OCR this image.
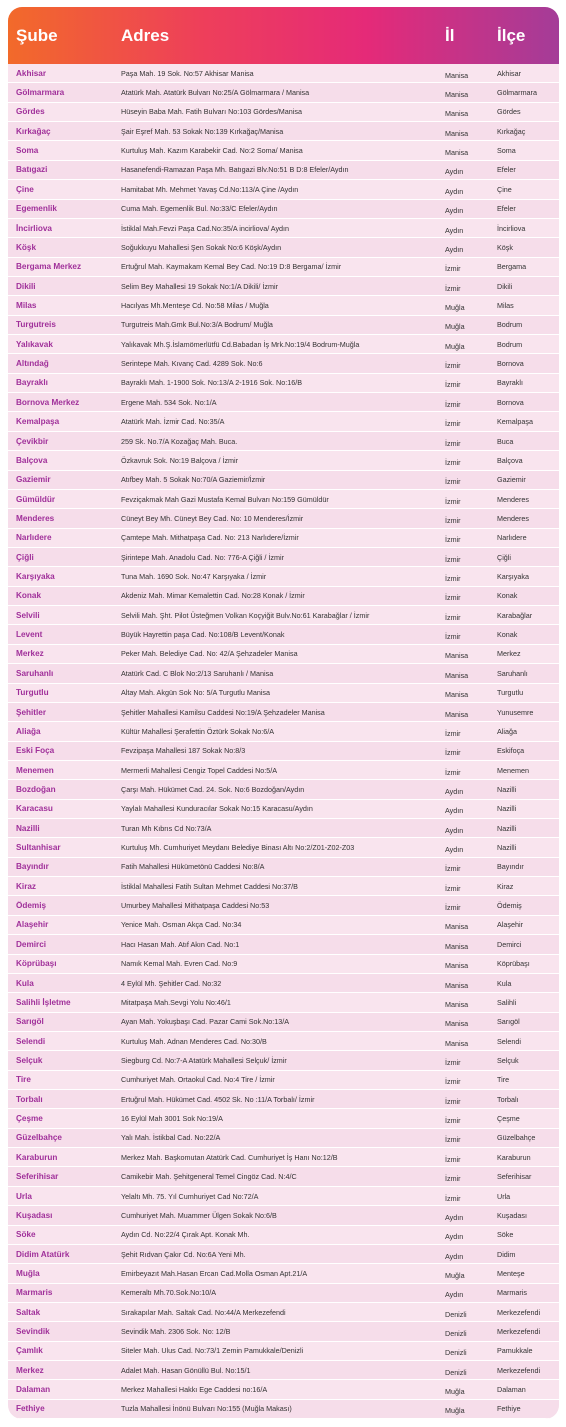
Şube	Adres	İl	İlçe
Akhisar	Paşa Mah. 19 Sok. No:57 Akhisar Manisa	Manisa	Akhisar
Gölmarmara	Atatürk Mah. Atatürk Bulvarı No:25/A Gölmarmara / Manisa	Manisa	Gölmarmara
Gördes	Hüseyin Baba Mah. Fatih Bulvarı No:103 Gördes/Manisa	Manisa	Gördes
Kırkağaç	Şair Eşref Mah. 53 Sokak No:139 Kırkağaç/Manisa	Manisa	Kırkağaç
Soma	Kurtuluş Mah. Kazım Karabekir Cad. No:2 Soma/ Manisa	Manisa	Soma
Batıgazi	Hasanefendi-Ramazan Paşa Mh. Batıgazi Blv.No:51 B D:8 Efeler/Aydın	Aydın	Efeler
Çine	Hamitabat Mh. Mehmet Yavaş Cd.No:113/A Çine /Aydın	Aydın	Çine
Egemenlik	Cuma Mah. Egemenlik Bul. No:33/C Efeler/Aydın	Aydın	Efeler
İncirliova	İstiklal Mah.Fevzi Paşa Cad.No:35/A incirliova/ Aydın	Aydın	İncirliova
Köşk	Soğukkuyu Mahallesi Şen Sokak No:6 Köşk/Aydın	Aydın	Köşk
Bergama Merkez	Ertuğrul Mah. Kaymakam Kemal Bey Cad. No:19 D:8 Bergama/ İzmir	İzmir	Bergama
Dikili	Selim Bey Mahallesi 19 Sokak No:1/A Dikili/ İzmir	İzmir	Dikili
Milas	Hacılyas Mh.Menteşe Cd. No:58 Milas / Muğla	Muğla	Milas
Turgutreis	Turgutreis Mah.Gmk Bul.No:3/A Bodrum/ Muğla	Muğla	Bodrum
Yalıkavak	Yalıkavak Mh.Ş.İslamömerlütfü Cd.Babadan İş Mrk.No:19/4 Bodrum-Muğla	Muğla	Bodrum
Altındağ	Serintepe Mah. Kıvanç Cad. 4289 Sok. No:6	İzmir	Bornova
Bayraklı	Bayraklı Mah. 1-1900 Sok. No:13/A 2-1916 Sok. No:16/B	İzmir	Bayraklı
Bornova Merkez	Ergene Mah. 534 Sok. No:1/A	İzmir	Bornova
Kemalpaşa	Atatürk Mah. İzmir Cad. No:35/A	İzmir	Kemalpaşa
Çevikbir	259 Sk. No.7/A Kozağaç Mah. Buca.	İzmir	Buca
Balçova	Özkavruk Sok. No:19 Balçova / İzmir	İzmir	Balçova
Gaziemir	Atıfbey Mah. 5 Sokak No:70/A Gaziemir/İzmir	İzmir	Gaziemir
Gümüldür	Fevziçakmak Mah Gazi Mustafa Kemal Bulvarı No:159 Gümüldür	İzmir	Menderes
Menderes	Cüneyt Bey Mh. Cüneyt Bey Cad. No: 10 Menderes/İzmir	İzmir	Menderes
Narlıdere	Çamtepe Mah. Mithatpaşa Cad. No: 213 Narlıdere/İzmir	İzmir	Narlıdere
Çiğli	Şirintepe Mah. Anadolu Cad. No: 776-A Çiğli / İzmir	İzmir	Çiğli
Karşıyaka	Tuna Mah. 1690 Sok. No:47 Karşıyaka / İzmir	İzmir	Karşıyaka
Konak	Akdeniz Mah. Mimar Kemalettin Cad. No:28 Konak / İzmir	İzmir	Konak
Selvili	Selvili Mah. Şht. Pilot Üsteğmen Volkan Koçyiğit Bulv.No:61 Karabağlar / İzmir	İzmir	Karabağlar
Levent	Büyük Hayrettin paşa Cad. No:108/B Levent/Konak	İzmir	Konak
Merkez	Peker Mah. Belediye Cad. No: 42/A Şehzadeler Manisa	Manisa	Merkez
Saruhanlı	Atatürk Cad. C Blok No:2/13 Saruhanlı / Manisa	Manisa	Saruhanlı
Turgutlu	Altay Mah. Akgün Sok No: 5/A Turgutlu Manisa	Manisa	Turgutlu
Şehitler	Şehitler Mahallesi Kamilsu Caddesi No:19/A Şehzadeler Manisa	Manisa	Yunusemre
Aliağa	Kültür Mahallesi Şerafettin Öztürk Sokak No:6/A	İzmir	Aliağa
Eski Foça	Fevzipaşa Mahallesi 187 Sokak No:8/3	İzmir	Eskifoça
Menemen	Mermerli Mahallesi Cengiz Topel Caddesi No:5/A	İzmir	Menemen
Bozdoğan	Çarşı Mah. Hükümet Cad. 24. Sok. No:6 Bozdoğan/Aydın	Aydın	Nazilli
Karacasu	Yaylalı Mahallesi Kunduracılar Sokak No:15 Karacasu/Aydın	Aydın	Nazilli
Nazilli	Turan Mh Kıbrıs Cd No:73/A	Aydın	Nazilli
Sultanhisar	Kurtuluş Mh. Cumhuriyet Meydanı Belediye Binası Altı No:2/Z01-Z02-Z03	Aydın	Nazilli
Bayındır	Fatih Mahallesi Hükümetönü Caddesi No:8/A	İzmir	Bayındır
Kiraz	İstiklal Mahallesi Fatih Sultan Mehmet Caddesi No:37/B	İzmir	Kiraz
Ödemiş	Umurbey Mahallesi Mithatpaşa Caddesi No:53	İzmir	Ödemiş
Alaşehir	Yenice Mah. Osman Akça Cad. No:34	Manisa	Alaşehir
Demirci	Hacı Hasan Mah. Atıf Akın Cad. No:1	Manisa	Demirci
Köprübaşı	Namık Kemal Mah. Evren Cad. No:9	Manisa	Köprübaşı
Kula	4 Eylül Mh. Şehitler Cad. No:32	Manisa	Kula
Salihli İşletme	Mitatpaşa Mah.Sevgi Yolu No:46/1	Manisa	Salihli
Sarıgöl	Ayan Mah. Yokuşbaşı Cad. Pazar Cami Sok.No:13/A	Manisa	Sarıgöl
Selendi	Kurtuluş Mah. Adnan Menderes Cad. No:30/B	Manisa	Selendi
Selçuk	Siegburg Cd. No:7-A Atatürk Mahallesi Selçuk/ İzmir	İzmir	Selçuk
Tire	Cumhuriyet Mah. Ortaokul Cad. No:4 Tire / İzmir	İzmir	Tire
Torbalı	Ertuğrul Mah. Hükümet Cad. 4502 Sk. No :11/A Torbalı/ İzmir	İzmir	Torbalı
Çeşme	16 Eylül Mah 3001 Sok No:19/A	İzmir	Çeşme
Güzelbahçe	Yalı Mah. İstikbal Cad. No:22/A	İzmir	Güzelbahçe
Karaburun	Merkez Mah. Başkomutan Atatürk Cad. Cumhuriyet İş Hanı No:12/B	İzmir	Karaburun
Seferihisar	Camikebir Mah. Şehitgeneral Temel Cingöz Cad. N:4/C	İzmir	Seferihisar
Urla	Yelaltı Mh. 75. Yıl Cumhuriyet Cad No:72/A	İzmir	Urla
Kuşadası	Cumhuriyet Mah. Muammer Ülgen Sokak No:6/B	Aydın	Kuşadası
Söke	Aydın Cd. No:22/4 Çırak Apt. Konak Mh.	Aydın	Söke
Didim Atatürk	Şehit Rıdvan Çakır Cd. No:6A Yeni Mh.	Aydın	Didim
Muğla	Emirbeyazıt Mah.Hasan Ercan Cad.Molla Osman Apt.21/A	Muğla	Menteşe
Marmaris	Kemeraltı Mh.70.Sok.No:10/A	Aydın	Marmaris
Saltak	Sırakapılar Mah. Saltak Cad. No:44/A Merkezefendi	Denizli	Merkezefendi
Sevindik	Sevindik Mah. 2306 Sok. No: 12/B	Denizli	Merkezefendi
Çamlık	Siteler Mah. Ulus Cad. No:73/1 Zemin Pamukkale/Denizli	Denizli	Pamukkale
Merkez	Adalet Mah. Hasan Gönüllü Bul. No:15/1	Denizli	Merkezefendi
Dalaman	Merkez Mahallesi Hakkı Ege Caddesi no:16/A	Muğla	Dalaman
Fethiye	Tuzla Mahallesi İnönü Bulvarı No:155 (Muğla Makası)	Muğla	Fethiye
